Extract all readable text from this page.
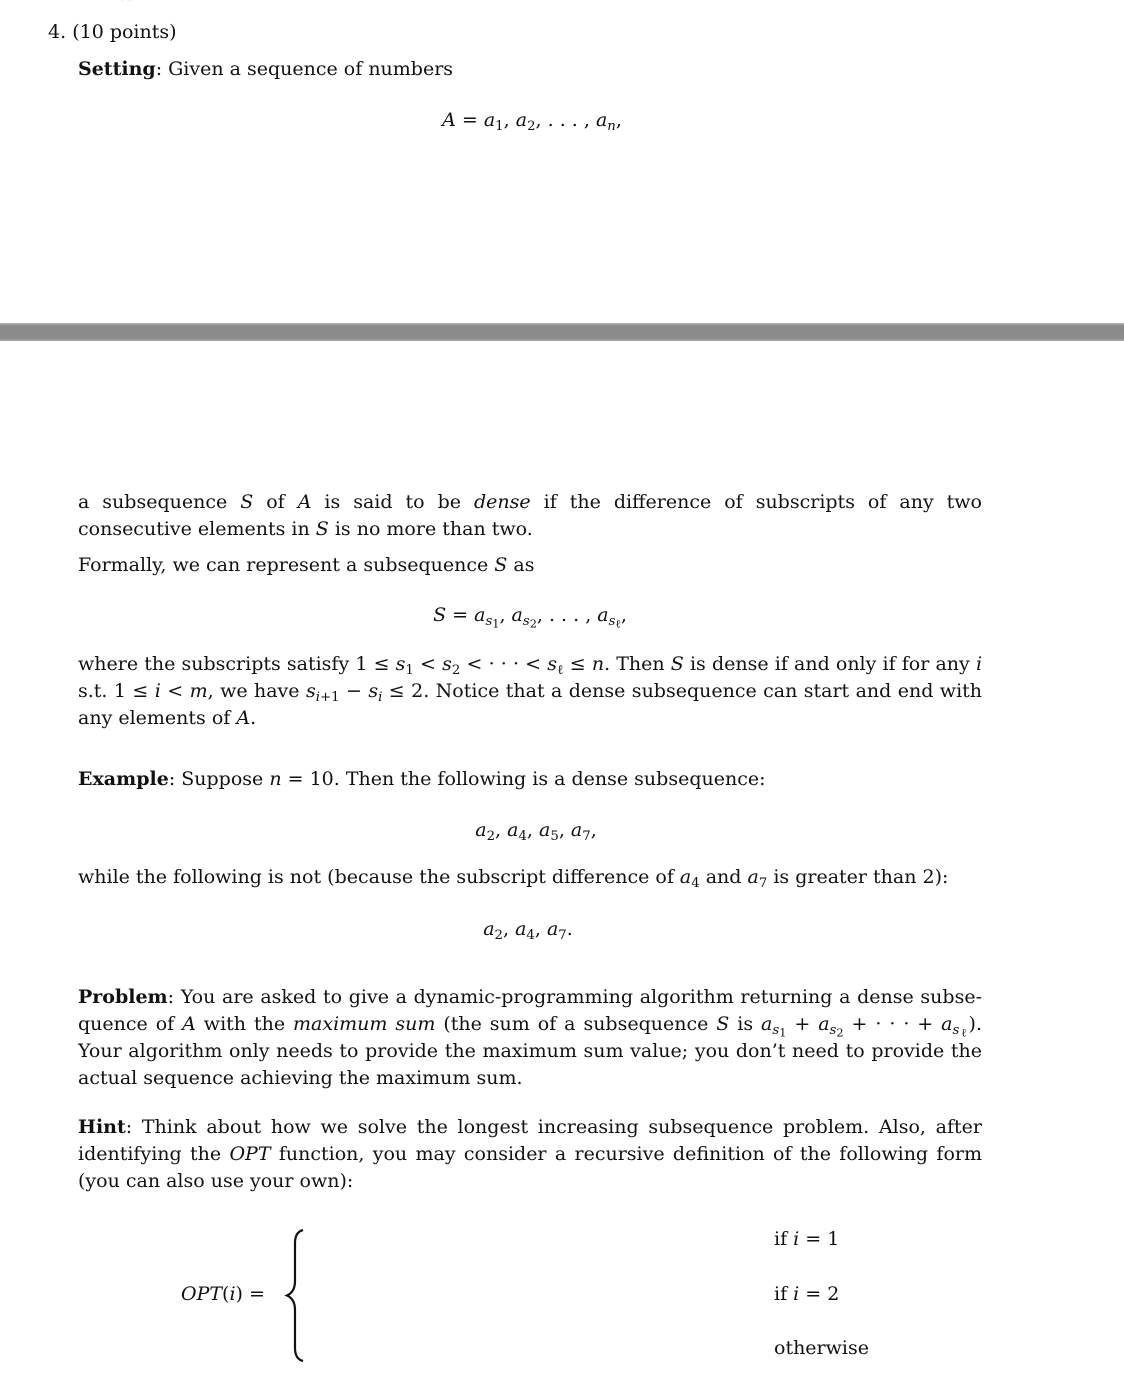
4. (10 points)
Setting: Given a sequence of numbers
$A = a_1$, $a_2$, . . . , $a_n$,
a subsequence S of A is said to be dense if the difference of subscripts of any two consecutive elements in S is no more than two.
Formally, we can represent a subsequence S as
$S = a_{s_1}$, $a_{s_2}$, . . . , $a_{s_\ell}$,
where the subscripts satisfy $1 \le s_1 < s_2$ < · · · < $s_\ell \le n$. Then S is dense if and only if for any i s.t. 1 ≤ i < m, we have $s_{i+1} - s_i \le 2$. Notice that a dense subsequence can start and end with any elements of A.
Example: Suppose n = 10. Then the following is a dense subsequence:
$a_2$, $a_4$, $a_5$, $a_7$,
while the following is not (because the subscript difference of $a_4$ and $a_7$ is greater than 2):
$a_2$, $a_4$, $a_7$.
Problem: You are asked to give a dynamic-programming algorithm returning a dense subse-quence of A with the maximum sum (the sum of a subsequence S is $a_{s_1} + a_{s_2}$ + · · · + $a_{s_\ell}$). Your algorithm only needs to provide the maximum sum value; you don’t need to provide the actual sequence achieving the maximum sum.
Hint: Think about how we solve the longest increasing subsequence problem. Also, after identifying the OPT function, you may consider a recursive definition of the following form (you can also use your own):
OPT(i) =
if i = 1
if i = 2
otherwise
